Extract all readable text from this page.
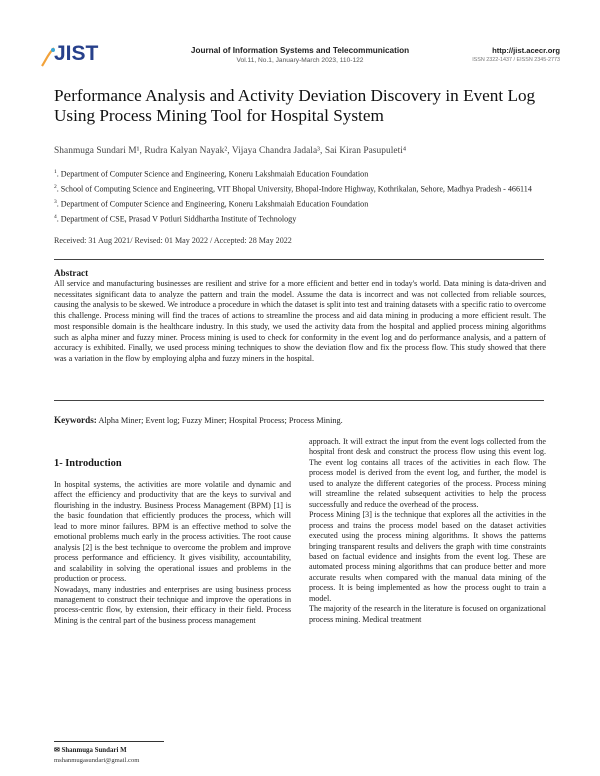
JIST	Journal of Information Systems and Telecommunication
Vol.11, No.1, January-March 2023, 110-122
http://jist.acecr.org
ISSN 2322-1437 / EISSN 2345-2773
Performance Analysis and Activity Deviation Discovery in Event Log Using Process Mining Tool for Hospital System
Shanmuga Sundari M¹, Rudra Kalyan Nayak², Vijaya Chandra Jadala³, Sai Kiran Pasupuleti⁴
$^1$. Department of Computer Science and Engineering, Koneru Lakshmaiah Education Foundation
$^2$. School of Computing Science and Engineering, VIT Bhopal University, Bhopal-Indore Highway, Kothrikalan, Sehore, Madhya Pradesh - 466114
$^3$. Department of Computer Science and Engineering, Koneru Lakshmaiah Education Foundation
$^4$. Department of CSE, Prasad V Potluri Siddhartha Institute of Technology
Received: 31 Aug 2021/ Revised: 01 May 2022 / Accepted: 28 May 2022
Abstract
All service and manufacturing businesses are resilient and strive for a more efficient and better end in today's world. Data mining is data-driven and necessitates significant data to analyze the pattern and train the model. Assume the data is incorrect and was not collected from reliable sources, causing the analysis to be skewed. We introduce a procedure in which the dataset is split into test and training datasets with a specific ratio to overcome this challenge. Process mining will find the traces of actions to streamline the process and aid data mining in producing a more efficient result. The most responsible domain is the healthcare industry. In this study, we used the activity data from the hospital and applied process mining algorithms such as alpha miner and fuzzy miner. Process mining is used to check for conformity in the event log and do performance analysis, and a pattern of accuracy is exhibited. Finally, we used process mining techniques to show the deviation flow and fix the process flow. This study showed that there was a variation in the flow by employing alpha and fuzzy miners in the hospital.
Keywords: Alpha Miner; Event log; Fuzzy Miner; Hospital Process; Process Mining.
1- Introduction

In hospital systems, the activities are more volatile and dynamic and affect the efficiency and productivity that are the keys to survival and flourishing in the industry. Business Process Management (BPM) [1] is the basic foundation that efficiently produces the process, which will lead to more minor failures. BPM is an effective method to solve the emotional problems much early in the process activities. The root cause analysis [2] is the best technique to overcome the problem and improve process performance and efficiency. It gives visibility, accountability, and scalability in solving the operational issues and problems in the production or process.

Nowadays, many industries and enterprises are using business process management to construct their technique and improve the operations in process-centric flow, by extension, their efficacy in their field. Process Mining is the central part of the business process management

approach. It will extract the input from the event logs collected from the hospital front desk and construct the process flow using this event log. The event log contains all traces of the activities in each flow. The process model is derived from the event log, and further, the model is used to analyze the different categories of the process. Process mining will streamline the related subsequent activities to help the process successfully and reduce the overhead of the process.

Process Mining [3] is the technique that explores all the activities in the process and trains the process model based on the dataset activities executed using the process mining algorithms. It shows the patterns bringing transparent results and delivers the graph with time constraints based on factual evidence and insights from the event log. These are automated process mining algorithms that can produce better and more accurate results when compared with the manual data mining of the process. It is being implemented as how the process ought to train a model.

The majority of the research in the literature is focused on organizational process mining. Medical treatment

✉ Shanmuga Sundari M
mshanmugasundari@gmail.com
